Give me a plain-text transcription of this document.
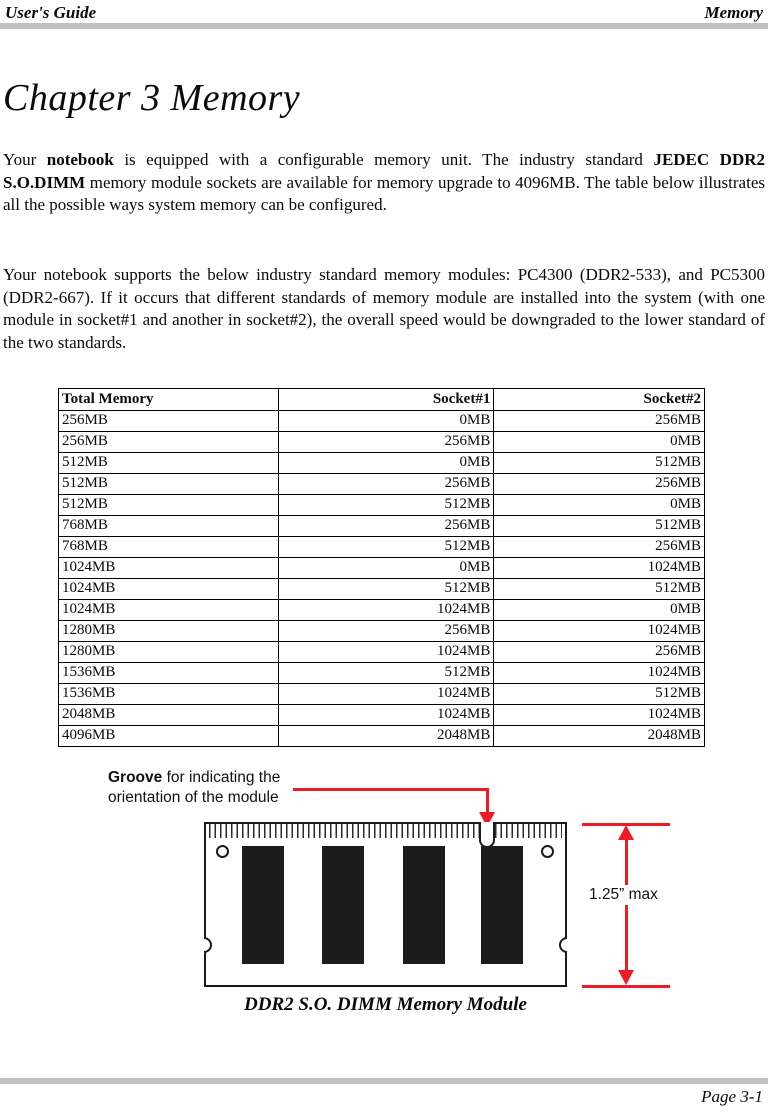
User's Guide	Memory
Chapter 3 Memory

Your notebook is equipped with a configurable memory unit. The industry standard JEDEC DDR2 S.O.DIMM memory module sockets are available for memory upgrade to 4096MB. The table below illustrates all the possible ways system memory can be configured.

Your notebook supports the below industry standard memory modules: PC4300 (DDR2-533), and PC5300 (DDR2-667). If it occurs that different standards of memory module are installed into the system (with one module in socket#1 and another in socket#2), the overall speed would be downgraded to the lower standard of the two standards.

Total Memory	Socket#1	Socket#2
256MB	0MB	256MB
256MB	256MB	0MB
512MB	0MB	512MB
512MB	256MB	256MB
512MB	512MB	0MB
768MB	256MB	512MB
768MB	512MB	256MB
1024MB	0MB	1024MB
1024MB	512MB	512MB
1024MB	1024MB	0MB
1280MB	256MB	1024MB
1280MB	1024MB	256MB
1536MB	512MB	1024MB
1536MB	1024MB	512MB
2048MB	1024MB	1024MB
4096MB	2048MB	2048MB
Groove for indicating the
orientation of the module
1.25” max
DDR2 S.O. DIMM Memory Module
Page 3-1
